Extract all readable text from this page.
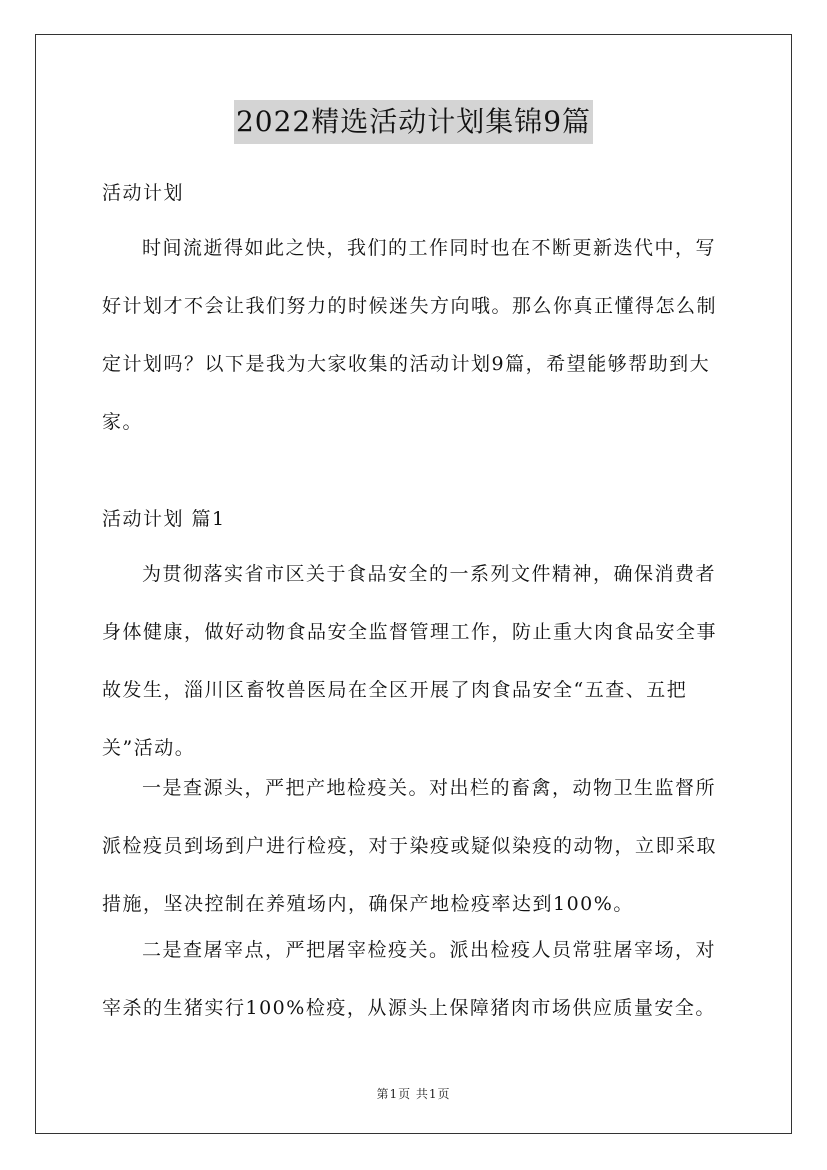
2022精选活动计划集锦9篇

活动计划

时间流逝得如此之快，我们的工作同时也在不断更新迭代中，写好计划才不会让我们努力的时候迷失方向哦。那么你真正懂得怎么制定计划吗？以下是我为大家收集的活动计划9篇，希望能够帮助到大家。

活动计划 篇1

为贯彻落实省市区关于食品安全的一系列文件精神，确保消费者身体健康，做好动物食品安全监督管理工作，防止重大肉食品安全事故发生，淄川区畜牧兽医局在全区开展了肉食品安全“五查、五把关”活动。

一是查源头，严把产地检疫关。对出栏的畜禽，动物卫生监督所派检疫员到场到户进行检疫，对于染疫或疑似染疫的动物，立即采取措施，坚决控制在养殖场内，确保产地检疫率达到100%。

二是查屠宰点，严把屠宰检疫关。派出检疫人员常驻屠宰场，对宰杀的生猪实行100%检疫，从源头上保障猪肉市场供应质量安全。

第1页 共1页
